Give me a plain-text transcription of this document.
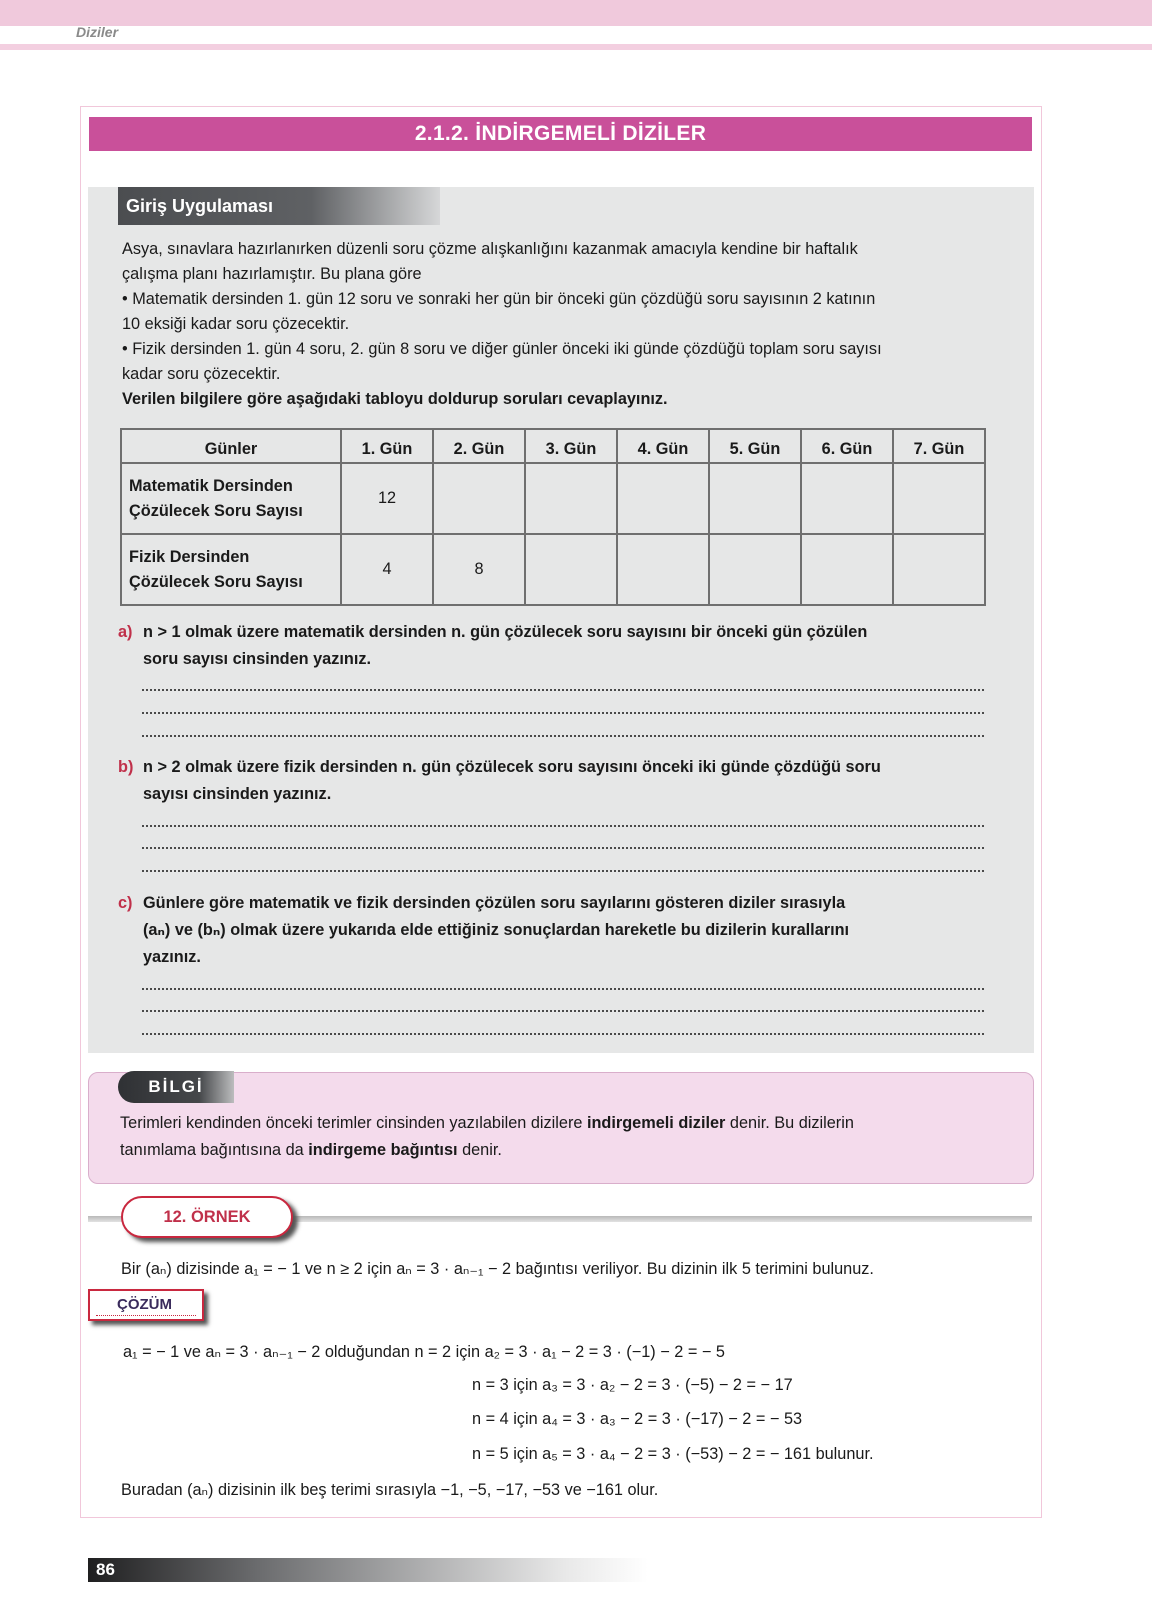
Diziler
2.1.2. İNDİRGEMELİ DİZİLER
Giriş Uygulaması
Asya, sınavlara hazırlanırken düzenli soru çözme alışkanlığını kazanmak amacıyla kendine bir haftalık
çalışma planı hazırlamıştır. Bu plana göre
• Matematik dersinden 1. gün 12 soru ve sonraki her gün bir önceki gün çözdüğü soru sayısının 2 katının
10 eksiği kadar soru çözecektir.
• Fizik dersinden 1. gün 4 soru, 2. gün 8 soru ve diğer günler önceki iki günde çözdüğü toplam soru sayısı
kadar soru çözecektir.
Verilen bilgilere göre aşağıdaki tabloyu doldurup soruları cevaplayınız.
Günler	1. Gün	2. Gün	3. Gün	4. Gün	5. Gün	6. Gün	7. Gün

Matematik Dersinden
Çözülecek Soru Sayısı	12						

Fizik Dersinden
Çözülecek Soru Sayısı	4	8					
a) n > 1 olmak üzere matematik dersinden n. gün çözülecek soru sayısını bir önceki gün çözülen
soru sayısı cinsinden yazınız.
b) n > 2 olmak üzere fizik dersinden n. gün çözülecek soru sayısını önceki iki günde çözdüğü soru
sayısı cinsinden yazınız.
c) Günlere göre matematik ve fizik dersinden çözülen soru sayılarını gösteren diziler sırasıyla
(aₙ) ve (bₙ) olmak üzere yukarıda elde ettiğiniz sonuçlardan hareketle bu dizilerin kurallarını
yazınız.
BİLGİ
Terimleri kendinden önceki terimler cinsinden yazılabilen dizilere indirgemeli diziler denir. Bu dizilerin
tanımlama bağıntısına da indirgeme bağıntısı denir.
12. ÖRNEK
Bir (aₙ) dizisinde a₁ = − 1 ve n ≥ 2 için aₙ = 3 · aₙ₋₁ − 2 bağıntısı veriliyor. Bu dizinin ilk 5 terimini bulunuz.
ÇÖZÜM
a₁ = − 1 ve aₙ = 3 · aₙ₋₁ − 2 olduğundan n = 2 için a₂ = 3 · a₁ − 2 = 3 · (−1) − 2 = − 5
n = 3 için a₃ = 3 · a₂ − 2 = 3 · (−5) − 2 = − 17
n = 4 için a₄ = 3 · a₃ − 2 = 3 · (−17) − 2 = − 53
n = 5 için a₅ = 3 · a₄ − 2 = 3 · (−53) − 2 = − 161 bulunur.
Buradan (aₙ) dizisinin ilk beş terimi sırasıyla −1, −5, −17, −53 ve −161 olur.
86
